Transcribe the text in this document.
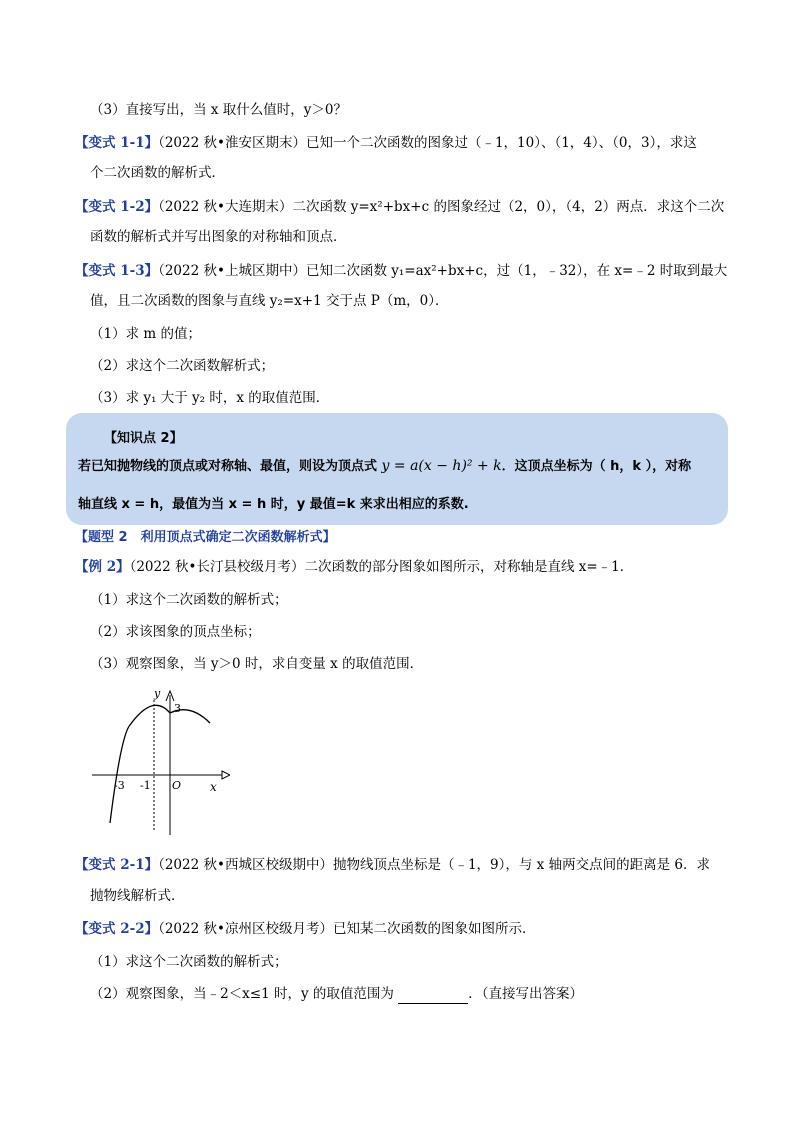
（3）直接写出，当 x 取什么值时，y＞0？
【变式 1-1】（2022 秋•淮安区期末）已知一个二次函数的图象过（﹣1，10）、（1，4）、（0，3），求这
个二次函数的解析式．
【变式 1-2】（2022 秋•大连期末）二次函数 y=x²+bx+c 的图象经过（2，0），（4，2）两点．求这个二次
函数的解析式并写出图象的对称轴和顶点．
【变式 1-3】（2022 秋•上城区期中）已知二次函数 y₁=ax²+bx+c，过（1，﹣32），在 x=﹣2 时取到最大
值，且二次函数的图象与直线 y₂=x+1 交于点 P（m，0）．
（1）求 m 的值；
（2）求这个二次函数解析式；
（3）求 y₁ 大于 y₂ 时，x 的取值范围．
【知识点 2】
若已知抛物线的顶点或对称轴、最值，则设为顶点式 y = a(x − h)² + k．这顶点坐标为（ h，k ），对称
轴直线 x = h，最值为当 x = h 时，y 最值=k 来求出相应的系数.
【题型 2　利用顶点式确定二次函数解析式】
【例 2】（2022 秋•长汀县校级月考）二次函数的部分图象如图所示，对称轴是直线 x=﹣1．
（1）求这个二次函数的解析式；
（2）求该图象的顶点坐标；
（3）观察图象，当 y＞0 时，求自变量 x 的取值范围．
y
x
O
3
-3 -1
【变式 2-1】（2022 秋•西城区校级期中）抛物线顶点坐标是（﹣1，9），与 x 轴两交点间的距离是 6．求
抛物线解析式．
【变式 2-2】（2022 秋•凉州区校级月考）已知某二次函数的图象如图所示．
（1）求这个二次函数的解析式；
（2）观察图象，当﹣2＜x≤1 时，y 的取值范围为	．（直接写出答案）
